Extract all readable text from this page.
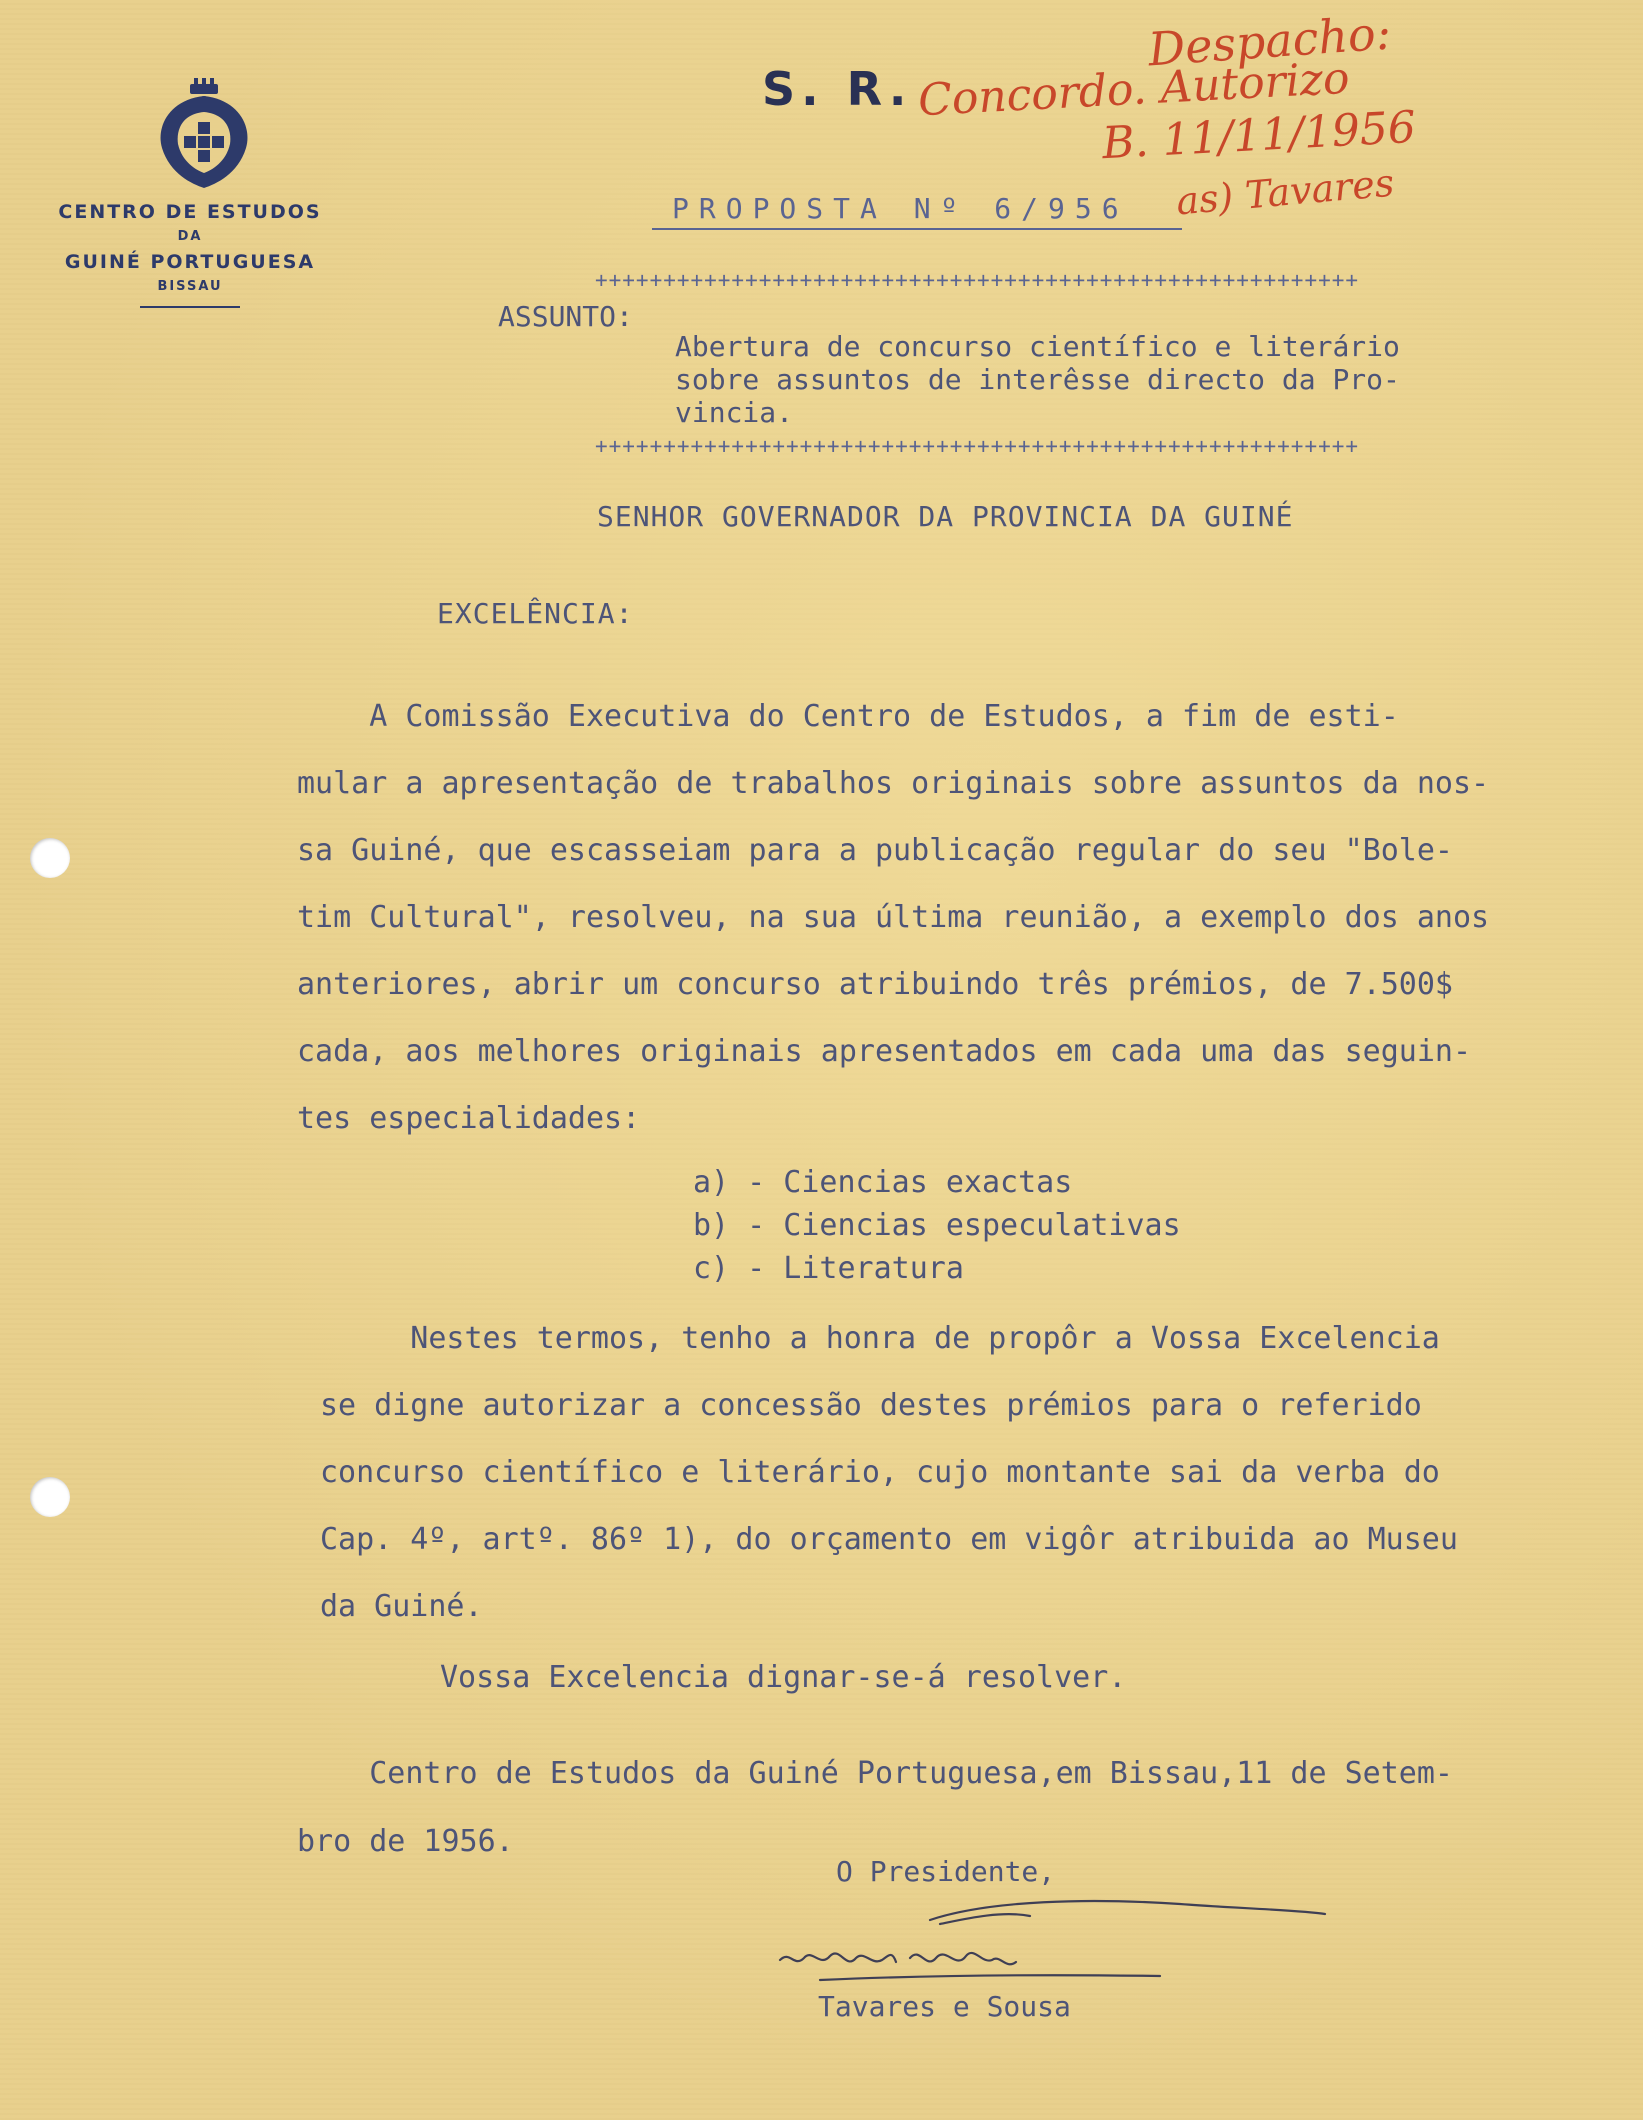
CENTRO DE ESTUDOS
DA
GUINÉ PORTUGUESA
BISSAU
S. R.
Despacho:
Concordo. Autorizo
B. 11/11/1956
as) Tavares
PROPOSTA Nº 6/956
++++++++++++++++++++++++++++++++++++++++++++++++++++++++
ASSUNTO:
Abertura de concurso científico e literário
sobre assuntos de interêsse directo da Pro-
vincia.
++++++++++++++++++++++++++++++++++++++++++++++++++++++++
SENHOR GOVERNADOR DA PROVINCIA DA GUINÉ
EXCELÊNCIA:
A Comissão Executiva do Centro de Estudos, a fim de esti-
mular a apresentação de trabalhos originais sobre assuntos da nos-
sa Guiné, que escasseiam para a publicação regular do seu "Bole-
tim Cultural", resolveu, na sua última reunião, a exemplo dos anos
anteriores, abrir um concurso atribuindo três prémios, de 7.500$
cada, aos melhores originais apresentados em cada uma das seguin-
tes especialidades:
a) - Ciencias exactas
b) - Ciencias especulativas
c) - Literatura
Nestes termos, tenho a honra de propôr a Vossa Excelencia
se digne autorizar a concessão destes prémios para o referido
concurso científico e literário, cujo montante sai da verba do
Cap. 4º, artº. 86º 1), do orçamento em vigôr atribuida ao Museu
da Guiné.
Vossa Excelencia dignar-se-á resolver.
Centro de Estudos da Guiné Portuguesa,em Bissau,11 de Setem-
bro de 1956.
O Presidente,
Tavares e Sousa
